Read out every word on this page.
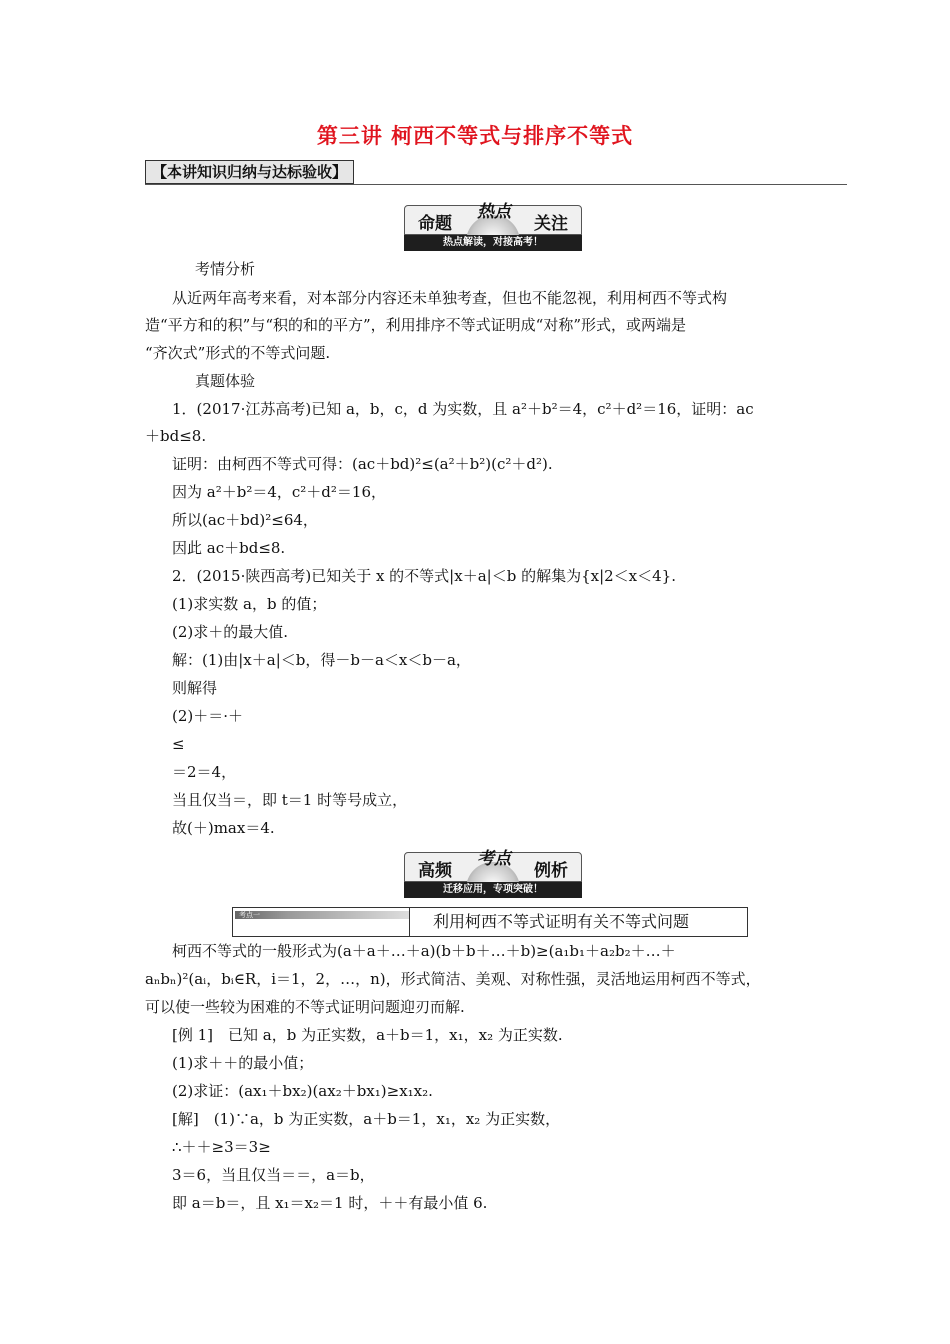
第三讲 柯西不等式与排序不等式
【本讲知识归纳与达标验收】
命题
热点
关注
热点解读，对接高考！
高频
考点
例析
迁移应用，专项突破！
考点一	利用柯西不等式证明有关不等式问题
考情分析
从近两年高考来看，对本部分内容还未单独考查，但也不能忽视，利用柯西不等式构
造“平方和的积”与“积的和的平方”，利用排序不等式证明成“对称”形式，或两端是
“齐次式”形式的不等式问题.
真题体验
1．(2017·江苏高考)已知 a，b，c，d 为实数，且 a²＋b²＝4，c²＋d²＝16，证明：ac
＋bd≤8.
证明：由柯西不等式可得：(ac＋bd)²≤(a²＋b²)(c²＋d²).
因为 a²＋b²＝4，c²＋d²＝16，
所以(ac＋bd)²≤64，
因此 ac＋bd≤8.
2．(2015·陕西高考)已知关于 x 的不等式|x＋a|＜b 的解集为{x|2＜x＜4}.
(1)求实数 a，b 的值；
(2)求＋的最大值.
解：(1)由|x＋a|＜b，得－b－a＜x＜b－a，
则解得
(2)＋＝·＋
≤
＝2＝4，
当且仅当＝，即 t＝1 时等号成立，
故(＋)max＝4.
柯西不等式的一般形式为(a＋a＋…＋a)(b＋b＋…＋b)≥(a₁b₁＋a₂b₂＋…＋
aₙbₙ)²(aᵢ，bᵢ∈R，i＝1，2，…，n)，形式简洁、美观、对称性强，灵活地运用柯西不等式，
可以使一些较为困难的不等式证明问题迎刃而解.
[例 1]　已知 a，b 为正实数，a＋b＝1，x₁，x₂ 为正实数.
(1)求＋＋的最小值；
(2)求证：(ax₁＋bx₂)(ax₂＋bx₁)≥x₁x₂.
[解]　(1)∵a，b 为正实数，a＋b＝1，x₁，x₂ 为正实数，
∴＋＋≥3＝3≥
3＝6，当且仅当＝＝，a＝b，
即 a＝b＝，且 x₁＝x₂＝1 时，＋＋有最小值 6.
